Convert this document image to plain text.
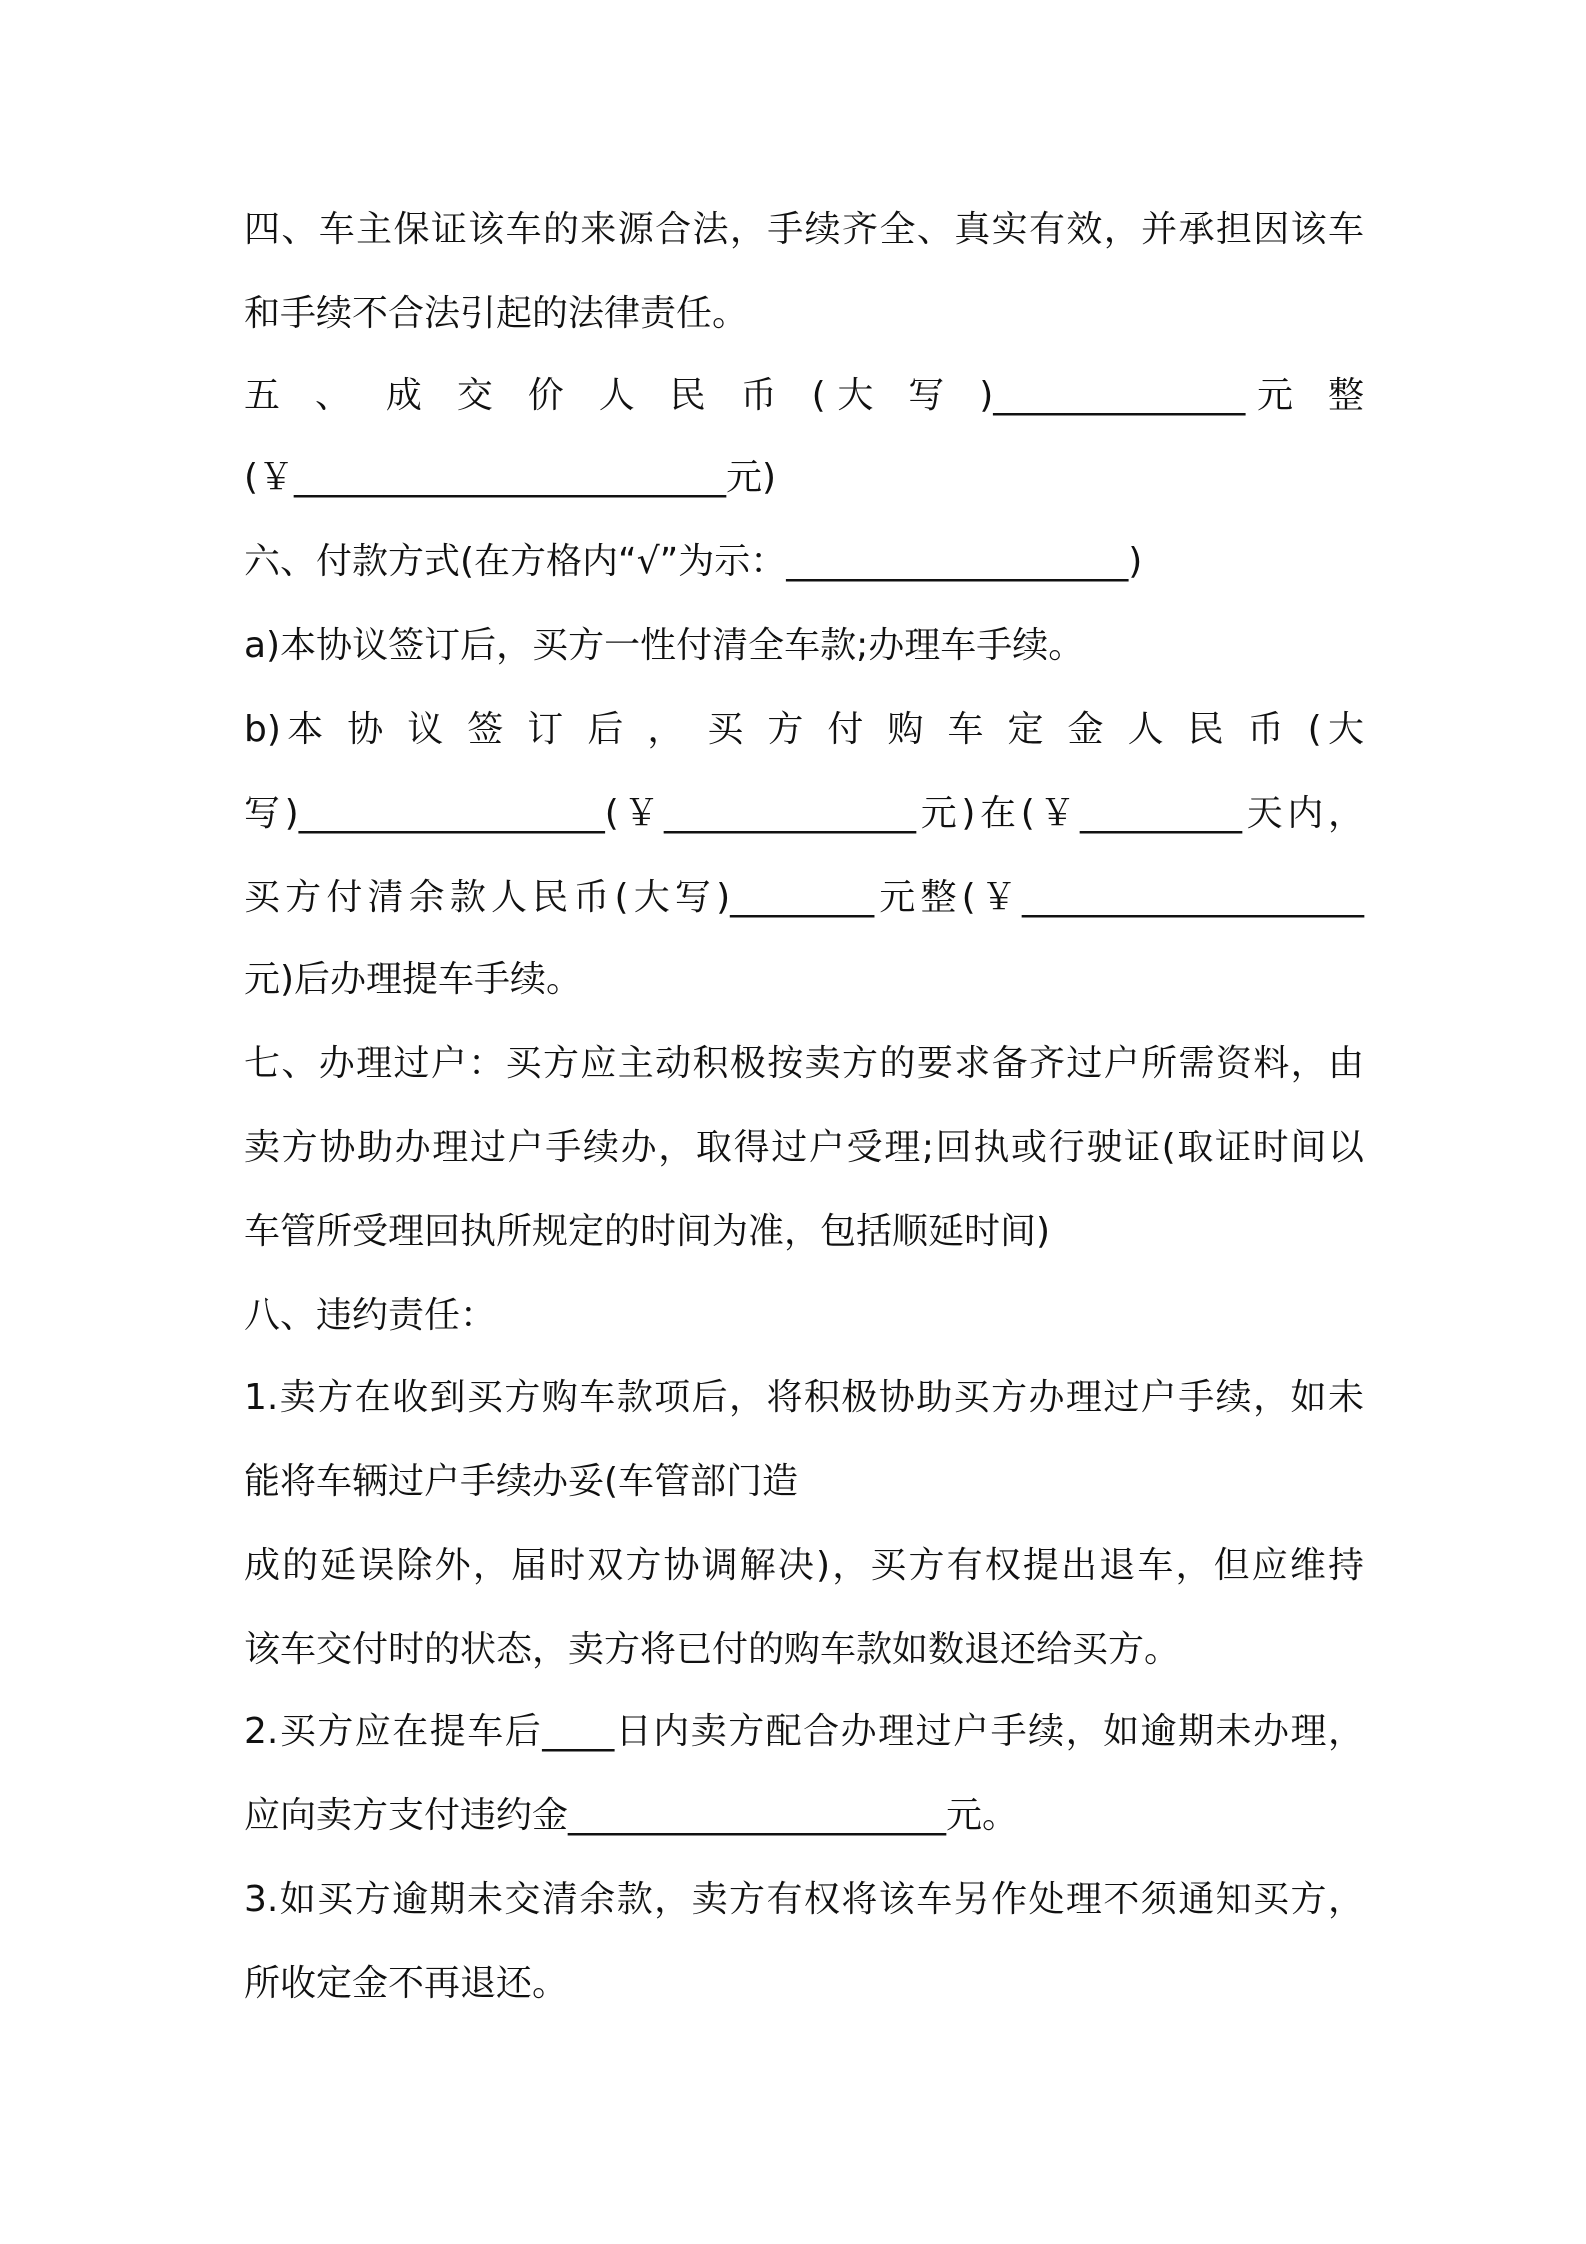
四、车主保证该车的来源合法，手续齐全、真实有效，并承担因该车
和手续不合法引起的法律责任。
五 、 成 交 价 人 民 币 (大 写 )______________元 整
(￥________________________元)
六、付款方式(在方格内“√”为示：___________________)
a)本协议签订后，买方一性付清全车款;办理车手续。
b)本 协 议 签 订 后 ， 买 方 付 购 车 定 金 人 民 币 (大
写)_________________(￥______________元)在(￥_________天内，
买方付清余款人民币(大写)________元整(￥___________________
元)后办理提车手续。
七、办理过户：买方应主动积极按卖方的要求备齐过户所需资料，由
卖方协助办理过户手续办，取得过户受理;回执或行驶证(取证时间以
车管所受理回执所规定的时间为准，包括顺延时间)
八、违约责任：
1.卖方在收到买方购车款项后，将积极协助买方办理过户手续，如未
能将车辆过户手续办妥(车管部门造
成的延误除外，届时双方协调解决)，买方有权提出退车，但应维持
该车交付时的状态，卖方将已付的购车款如数退还给买方。
2.买方应在提车后____日内卖方配合办理过户手续，如逾期未办理，
应向卖方支付违约金_____________________元。
3.如买方逾期未交清余款，卖方有权将该车另作处理不须通知买方，
所收定金不再退还。
